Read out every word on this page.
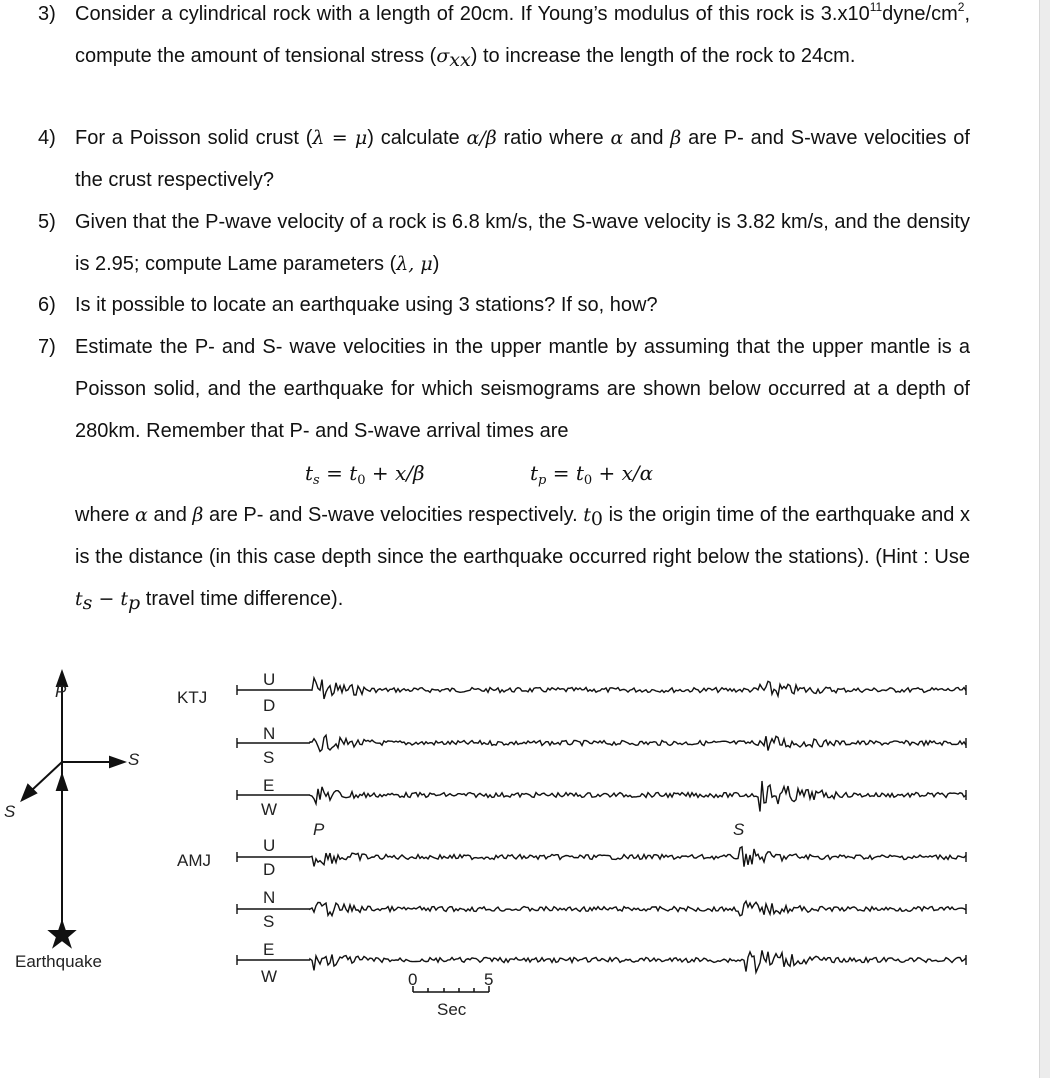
3) Consider a cylindrical rock with a length of 20cm. If Young’s modulus of this rock is $3.x10^{11}dyne/cm^2$, compute the amount of tensional stress $(\sigma_{xx})$ to increase the length of the rock to 24cm.
4) For a Poisson solid crust (λ = μ) calculate α/β ratio where α and β are P- and S-wave velocities of the crust respectively?
5) Given that the P-wave velocity of a rock is 6.8 km/s, the S-wave velocity is 3.82 km/s, and the density is 2.95; compute Lame parameters (λ, μ)
6) Is it possible to locate an earthquake using 3 stations? If so, how?
7) Estimate the P- and S- wave velocities in the upper mantle by assuming that the upper mantle is a Poisson solid, and the earthquake for which seismograms are shown below occurred at a depth of 280km. Remember that P- and S-wave arrival times are
$t_s = t_0 + x/\beta$	$t_p = t_0 + x/\alpha$
where α and β are P- and S-wave velocities respectively. $t_0$ is the origin time of the earthquake and x is the distance (in this case depth since the earthquake occurred right below the stations). (Hint : Use $t_s - t_p$ travel time difference).
P
S
S
Earthquake
KTJ
AMJ
U
D
N
S
E
W
U
D
N
S
E
W
P	S
0	5
Sec
